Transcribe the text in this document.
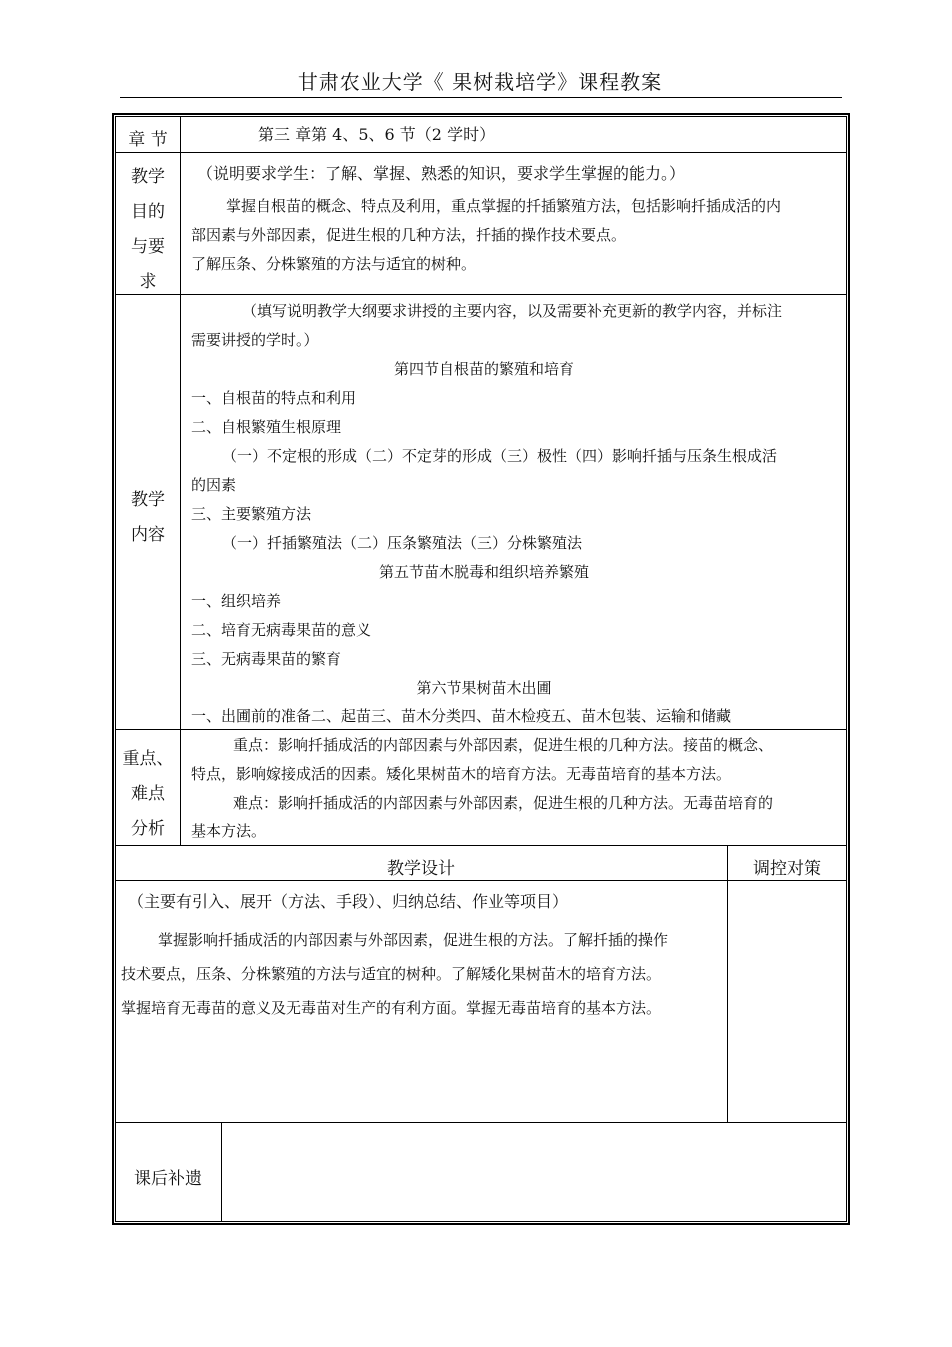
甘肃农业大学《 果树栽培学》课程教案
章 节	第三 章第 4、5、6 节（2 学时）
教学
目的
与要
求
（说明要求学生：了解、掌握、熟悉的知识，要求学生掌握的能力。）
掌握自根苗的概念、特点及利用，重点掌握的扦插繁殖方法，包括影响扦插成活的内
部因素与外部因素，促进生根的几种方法，扦插的操作技术要点。
了解压条、分株繁殖的方法与适宜的树种。
教学
内容
（填写说明教学大纲要求讲授的主要内容，以及需要补充更新的教学内容，并标注
需要讲授的学时。）
第四节自根苗的繁殖和培育
一、自根苗的特点和利用
二、自根繁殖生根原理
（一）不定根的形成（二）不定芽的形成（三）极性（四）影响扦插与压条生根成活
的因素
三、主要繁殖方法
（一）扦插繁殖法（二）压条繁殖法（三）分株繁殖法
第五节苗木脱毒和组织培养繁殖
一、组织培养
二、培育无病毒果苗的意义
三、无病毒果苗的繁育
第六节果树苗木出圃
一、出圃前的准备二、起苗三、苗木分类四、苗木检疫五、苗木包装、运输和储藏
重点、
难点
分析
重点：影响扦插成活的内部因素与外部因素，促进生根的几种方法。接苗的概念、
特点，影响嫁接成活的因素。矮化果树苗木的培育方法。无毒苗培育的基本方法。
难点：影响扦插成活的内部因素与外部因素，促进生根的几种方法。无毒苗培育的
基本方法。
教学设计	调控对策
（主要有引入、展开（方法、手段）、归纳总结、作业等项目）
掌握影响扦插成活的内部因素与外部因素，促进生根的方法。了解扦插的操作
技术要点，压条、分株繁殖的方法与适宜的树种。了解矮化果树苗木的培育方法。
掌握培育无毒苗的意义及无毒苗对生产的有利方面。掌握无毒苗培育的基本方法。
课后补遗
